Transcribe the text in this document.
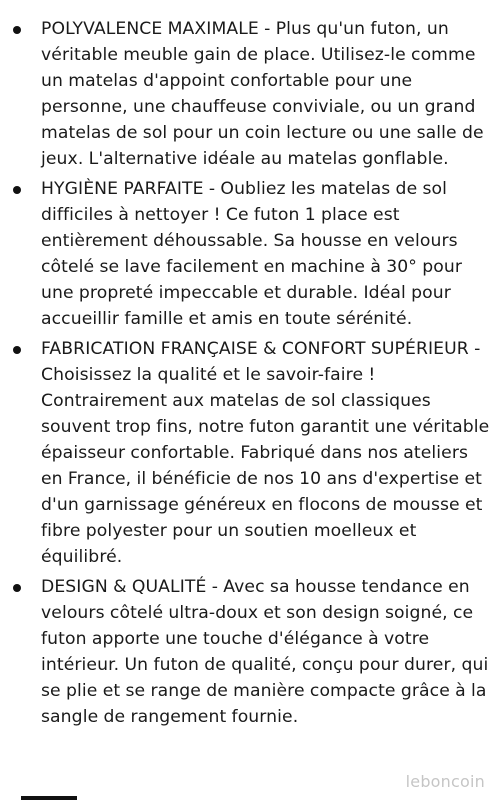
POLYVALENCE MAXIMALE - Plus qu'un futon, un véritable meuble gain de place. Utilisez-le comme un matelas d'appoint confortable pour une personne, une chauffeuse conviviale, ou un grand matelas de sol pour un coin lecture ou une salle de jeux. L'alternative idéale au matelas gonflable.
HYGIÈNE PARFAITE - Oubliez les matelas de sol difficiles à nettoyer ! Ce futon 1 place est entièrement déhoussable. Sa housse en velours côtelé se lave facilement en machine à 30° pour une propreté impeccable et durable. Idéal pour accueillir famille et amis en toute sérénité.
FABRICATION FRANÇAISE & CONFORT SUPÉRIEUR - Choisissez la qualité et le savoir-faire ! Contrairement aux matelas de sol classiques souvent trop fins, notre futon garantit une véritable épaisseur confortable. Fabriqué dans nos ateliers en France, il bénéficie de nos 10 ans d'expertise et d'un garnissage généreux en flocons de mousse et fibre polyester pour un soutien moelleux et équilibré.
DESIGN & QUALITÉ - Avec sa housse tendance en velours côtelé ultra-doux et son design soigné, ce futon apporte une touche d'élégance à votre intérieur. Un futon de qualité, conçu pour durer, qui se plie et se range de manière compacte grâce à la sangle de rangement fournie.
leboncoin
